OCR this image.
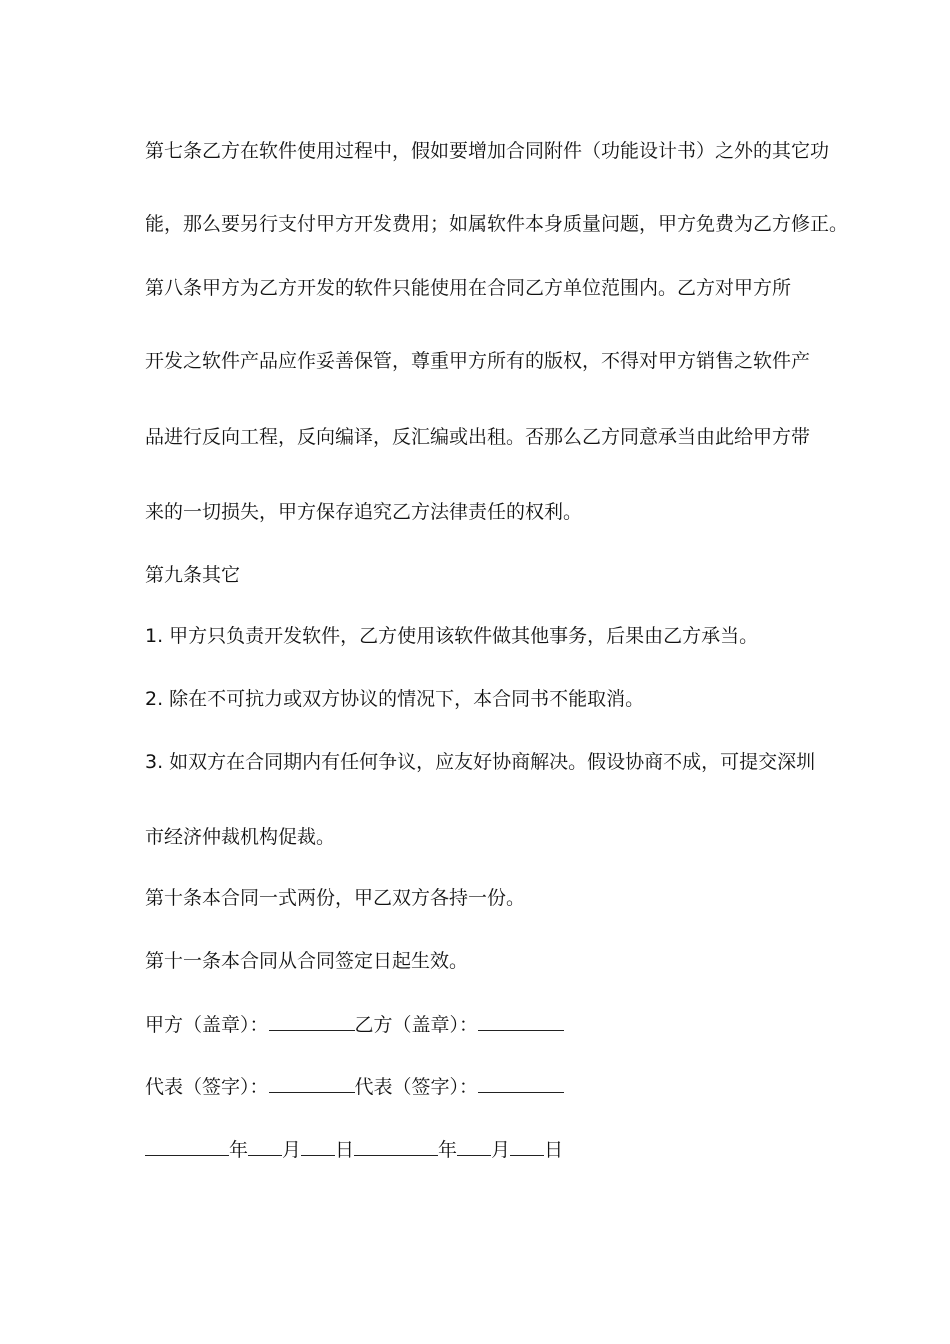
第七条乙方在软件使用过程中，假如要增加合同附件（功能设计书）之外的其它功
能，那么要另行支付甲方开发费用；如属软件本身质量问题，甲方免费为乙方修正。
第八条甲方为乙方开发的软件只能使用在合同乙方单位范围内。乙方对甲方所
开发之软件产品应作妥善保管，尊重甲方所有的版权，不得对甲方销售之软件产
品进行反向工程，反向编译，反汇编或出租。否那么乙方同意承当由此给甲方带
来的一切损失，甲方保存追究乙方法律责任的权利。
第九条其它
1. 甲方只负责开发软件，乙方使用该软件做其他事务，后果由乙方承当。
2. 除在不可抗力或双方协议的情况下，本合同书不能取消。
3. 如双方在合同期内有任何争议，应友好协商解决。假设协商不成，可提交深圳
市经济仲裁机构促裁。
第十条本合同一式两份，甲乙双方各持一份。
第十一条本合同从合同签定日起生效。
甲方（盖章）：	乙方（盖章）：
代表（签字）：	代表（签字）：
年 月 日	年 月 日
